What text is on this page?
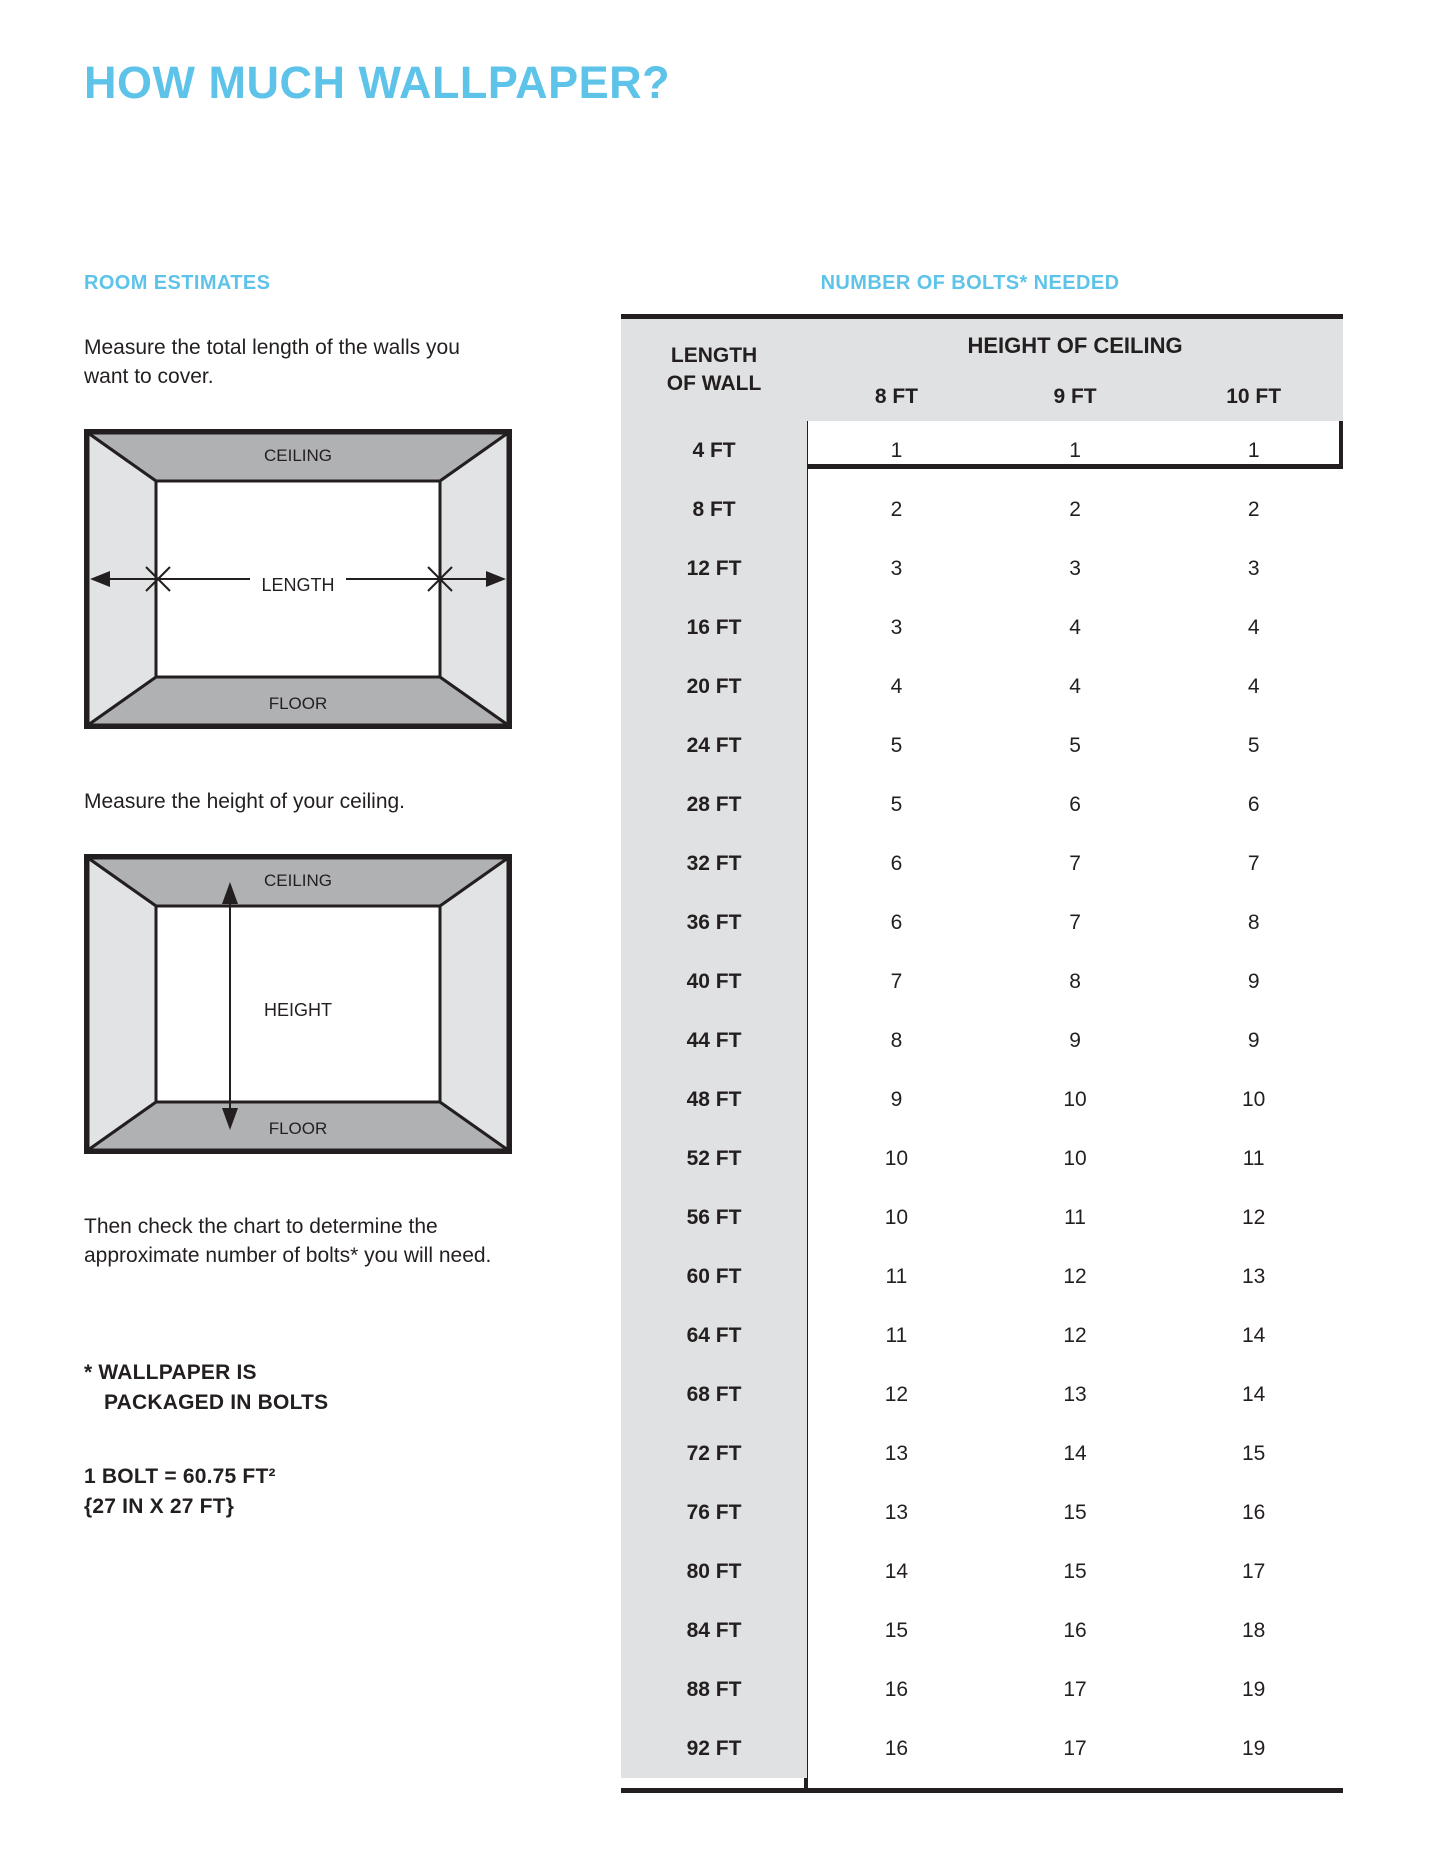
HOW MUCH WALLPAPER?
ROOM ESTIMATES

Measure the total length of the walls you want to cover.

CEILING
FLOOR
LENGTH

Measure the height of your ceiling.

CEILING
FLOOR
HEIGHT

Then check the chart to determine the approximate number of bolts* you will need.

* WALLPAPER IS

PACKAGED IN BOLTS

1 BOLT = 60.75 FT²

{27 IN X 27 FT}

NUMBER OF BOLTS* NEEDED
LENGTH
OF WALL	HEIGHT OF CEILING		
	8 FT	9 FT	10 FT
4 FT	1	1	1
8 FT	2	2	2
12 FT	3	3	3
16 FT	3	4	4
20 FT	4	4	4
24 FT	5	5	5
28 FT	5	6	6
32 FT	6	7	7
36 FT	6	7	8
40 FT	7	8	9
44 FT	8	9	9
48 FT	9	10	10
52 FT	10	10	11
56 FT	10	11	12
60 FT	11	12	13
64 FT	11	12	14
68 FT	12	13	14
72 FT	13	14	15
76 FT	13	15	16
80 FT	14	15	17
84 FT	15	16	18
88 FT	16	17	19
92 FT	16	17	19
